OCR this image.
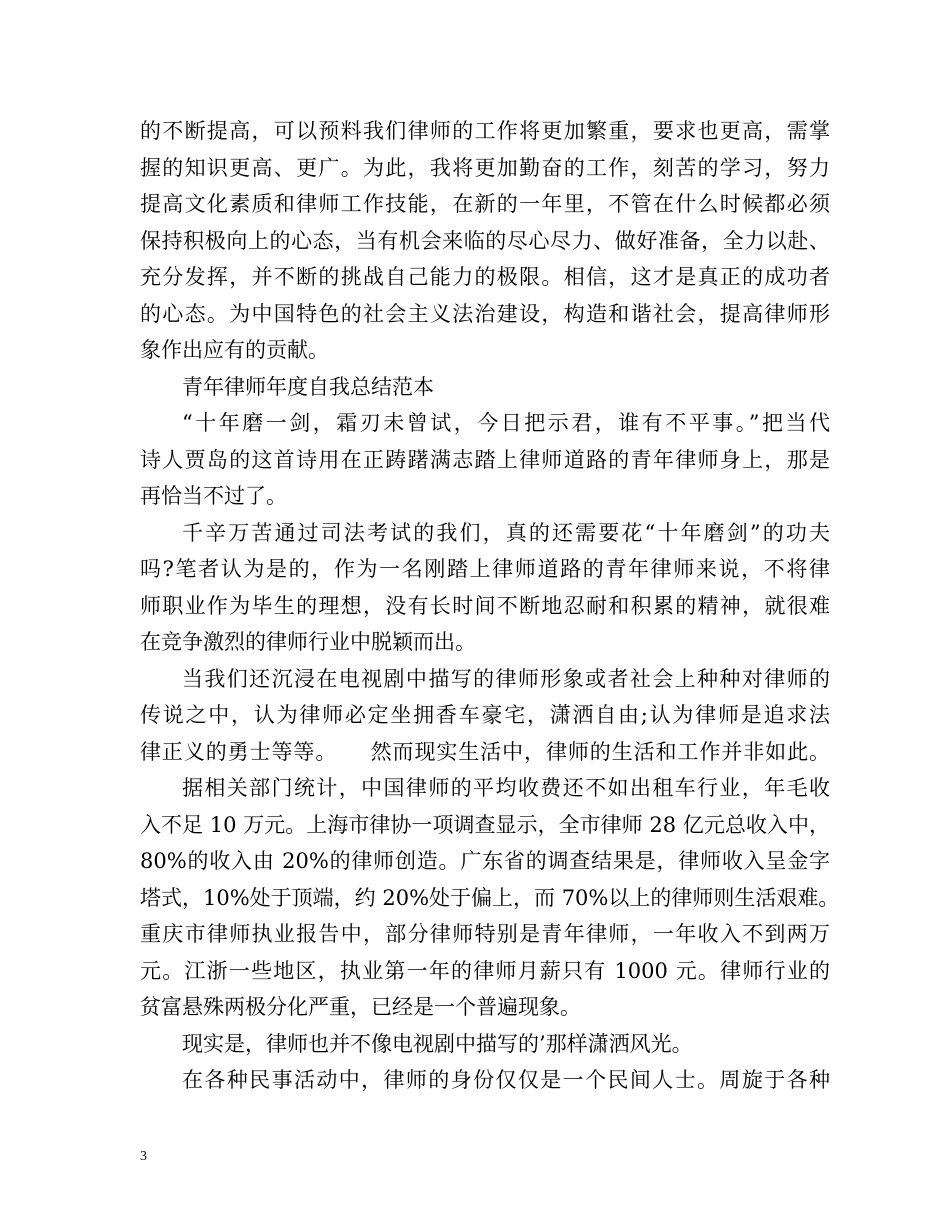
的不断提高，可以预料我们律师的工作将更加繁重，要求也更高，需掌
握的知识更高、更广。为此，我将更加勤奋的工作，刻苦的学习，努力
提高文化素质和律师工作技能，在新的一年里，不管在什么时候都必须
保持积极向上的心态，当有机会来临的尽心尽力、做好准备，全力以赴、
充分发挥，并不断的挑战自己能力的极限。相信，这才是真正的成功者
的心态。为中国特色的社会主义法治建设，构造和谐社会，提高律师形
象作出应有的贡献。
青年律师年度自我总结范本
“十年磨一剑，霜刃未曾试，今日把示君，谁有不平事。”把当代
诗人贾岛的这首诗用在正踌躇满志踏上律师道路的青年律师身上，那是
再恰当不过了。
千辛万苦通过司法考试的我们，真的还需要花“十年磨剑”的功夫
吗?笔者认为是的，作为一名刚踏上律师道路的青年律师来说，不将律
师职业作为毕生的理想，没有长时间不断地忍耐和积累的精神，就很难
在竞争激烈的律师行业中脱颖而出。
当我们还沉浸在电视剧中描写的律师形象或者社会上种种对律师的
传说之中，认为律师必定坐拥香车豪宅，潇洒自由;认为律师是追求法
律正义的勇士等等。　　然而现实生活中，律师的生活和工作并非如此。
据相关部门统计，中国律师的平均收费还不如出租车行业，年毛收
入不足 10 万元。上海市律协一项调查显示，全市律师 28 亿元总收入中，
80%的收入由 20%的律师创造。广东省的调查结果是，律师收入呈金字
塔式，10%处于顶端，约 20%处于偏上，而 70%以上的律师则生活艰难。
重庆市律师执业报告中，部分律师特别是青年律师，一年收入不到两万
元。江浙一些地区，执业第一年的律师月薪只有 1000 元。律师行业的
贫富悬殊两极分化严重，已经是一个普遍现象。
现实是，律师也并不像电视剧中描写的’那样潇洒风光。
在各种民事活动中，律师的身份仅仅是一个民间人士。周旋于各种
3
